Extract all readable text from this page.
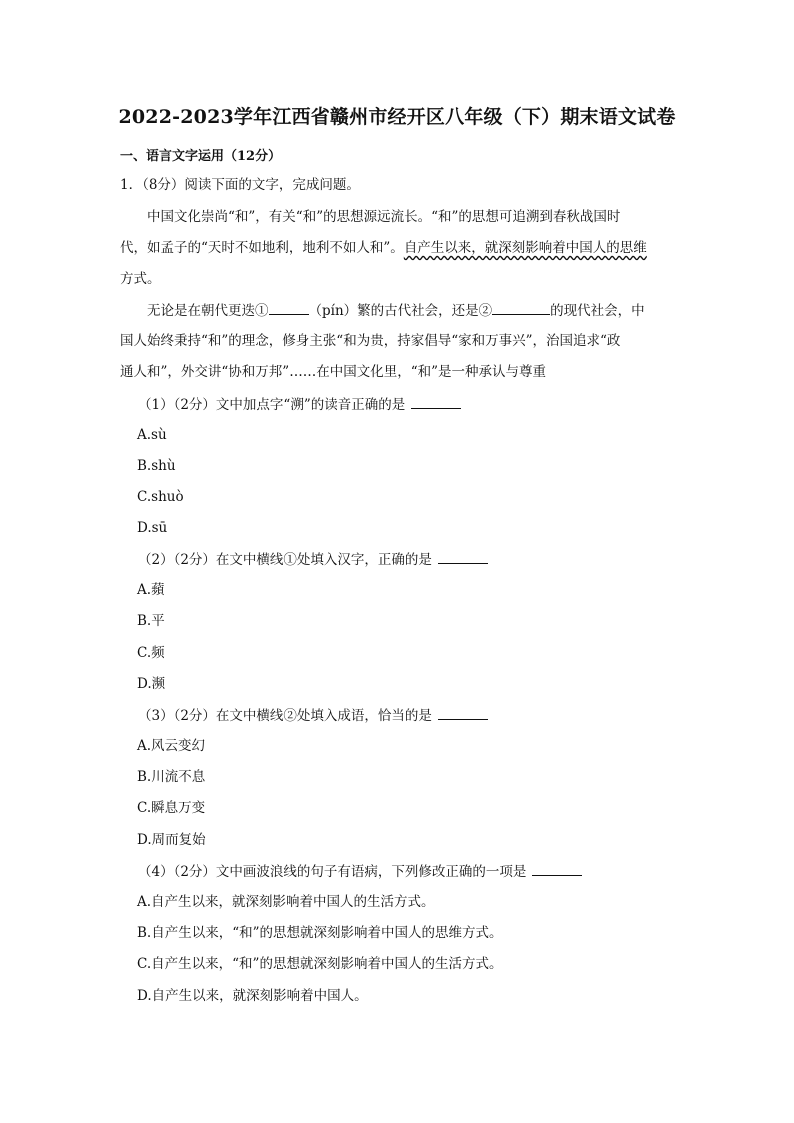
2022-2023学年江西省赣州市经开区八年级（下）期末语文试卷
一、语言文字运用（12分）
1．（8分）阅读下面的文字，完成问题。
中国文化崇尚“和”，有关“和”的思想源远流长。“和”的思想可追溯到春秋战国时
代，如孟子的“天时不如地利，地利不如人和”。自产生以来，就深刻影响着中国人的思维
方式。
无论是在朝代更迭①	（pín）繁的古代社会，还是②	的现代社会，中
国人始终秉持“和”的理念，修身主张“和为贵，持家倡导“家和万事兴”，治国追求“政
通人和”，外交讲“协和万邦”……在中国文化里，“和”是一种承认与尊重
（1）（2分）文中加点字“溯”的读音正确的是
A.sù
B.shù
C.shuò
D.sū
（2）（2分）在文中横线①处填入汉字，正确的是
A.蘋
B.平
C.频
D.濒
（3）（2分）在文中横线②处填入成语，恰当的是
A.风云变幻
B.川流不息
C.瞬息万变
D.周而复始
（4）（2分）文中画波浪线的句子有语病，下列修改正确的一项是
A.自产生以来，就深刻影响着中国人的生活方式。
B.自产生以来，“和”的思想就深刻影响着中国人的思维方式。
C.自产生以来，“和”的思想就深刻影响着中国人的生活方式。
D.自产生以来，就深刻影响着中国人。
